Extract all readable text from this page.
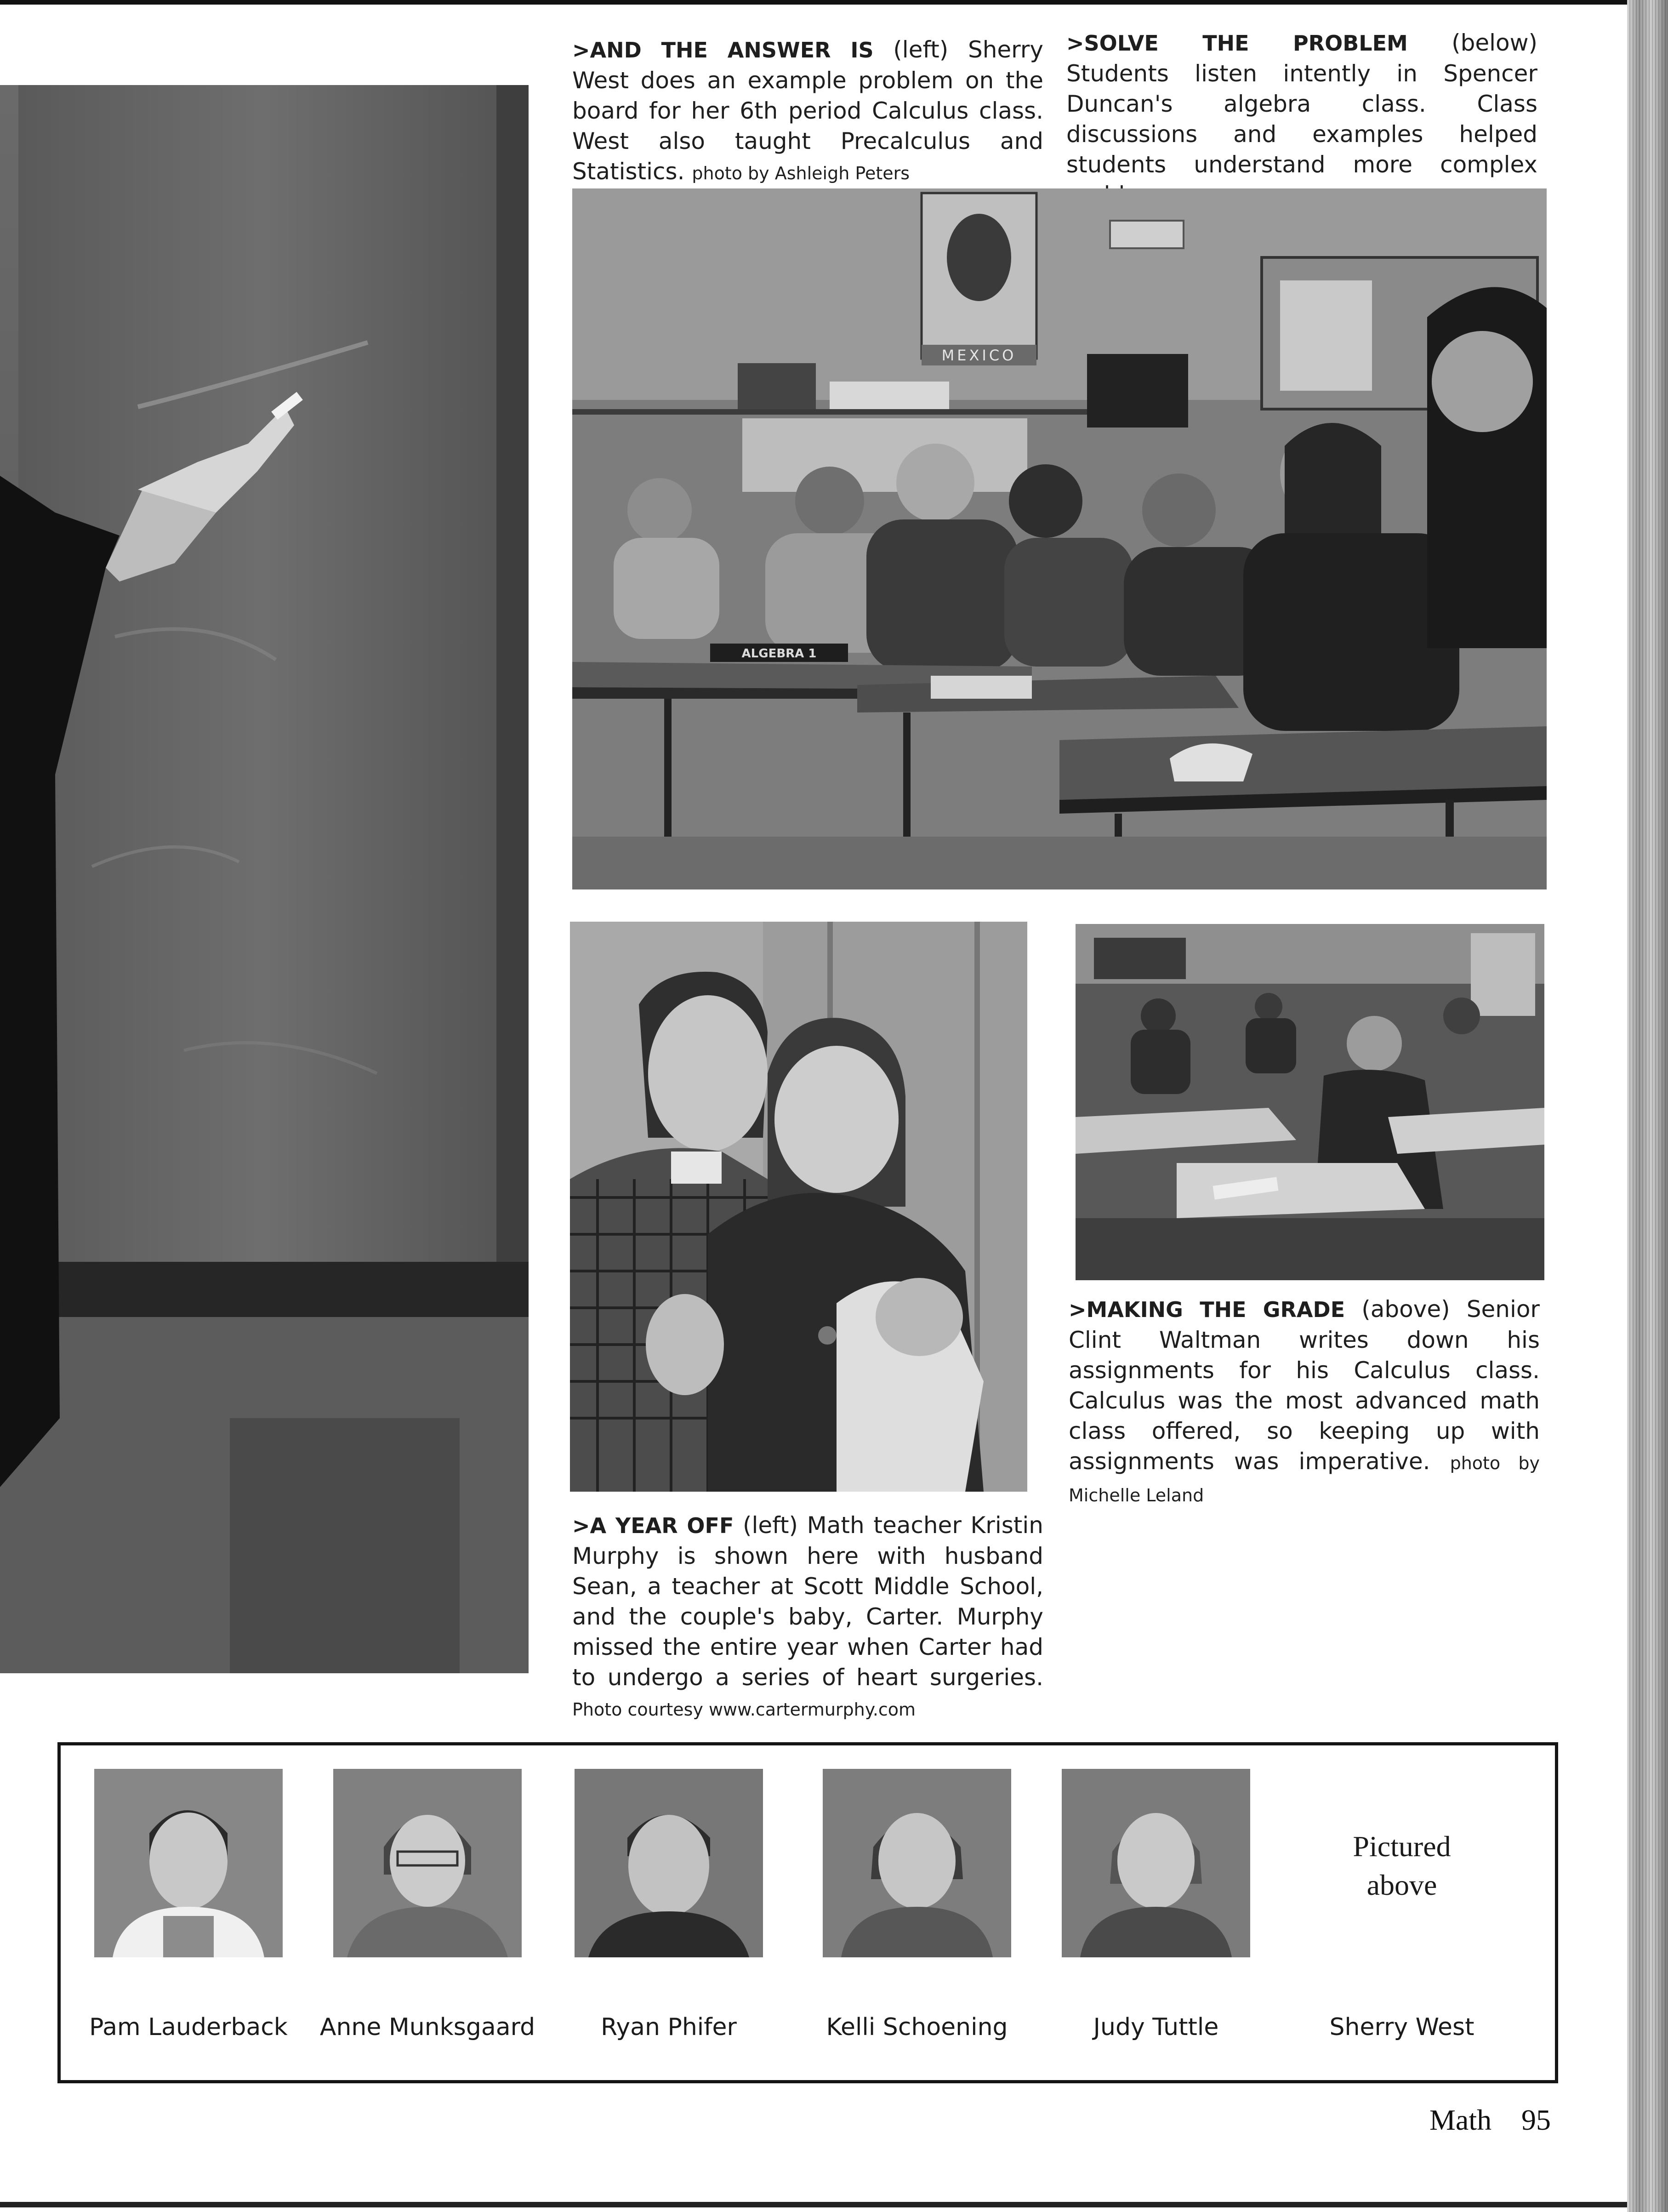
>AND THE ANSWER IS (left) Sherry West does an example problem on the board for her 6th period Calculus class. West also taught Precalculus and Statistics. photo by Ashleigh Peters
>SOLVE THE PROBLEM (below) Students listen intently in Spencer Duncan's algebra class. Class discussions and examples helped students understand more complex
MEXICO
ALGEBRA 1
>MAKING THE GRADE (above) Senior Clint Waltman writes down his assignments for his Calculus class. Calculus was the most advanced math class offered, so keeping up with assignments was imperative. photo by Michelle Leland
>A YEAR OFF (left) Math teacher Kristin Murphy is shown here with husband Sean, a teacher at Scott Middle School, and the couple's baby, Carter. Murphy missed the entire year when Carter had to undergo a series of heart surgeries. Photo courtesy www.cartermurphy.com
Pam Lauderback	Anne Munksgaard	Ryan Phifer	Kelli Schoening	Judy Tuttle
Pictured above
Sherry West
Math 95
